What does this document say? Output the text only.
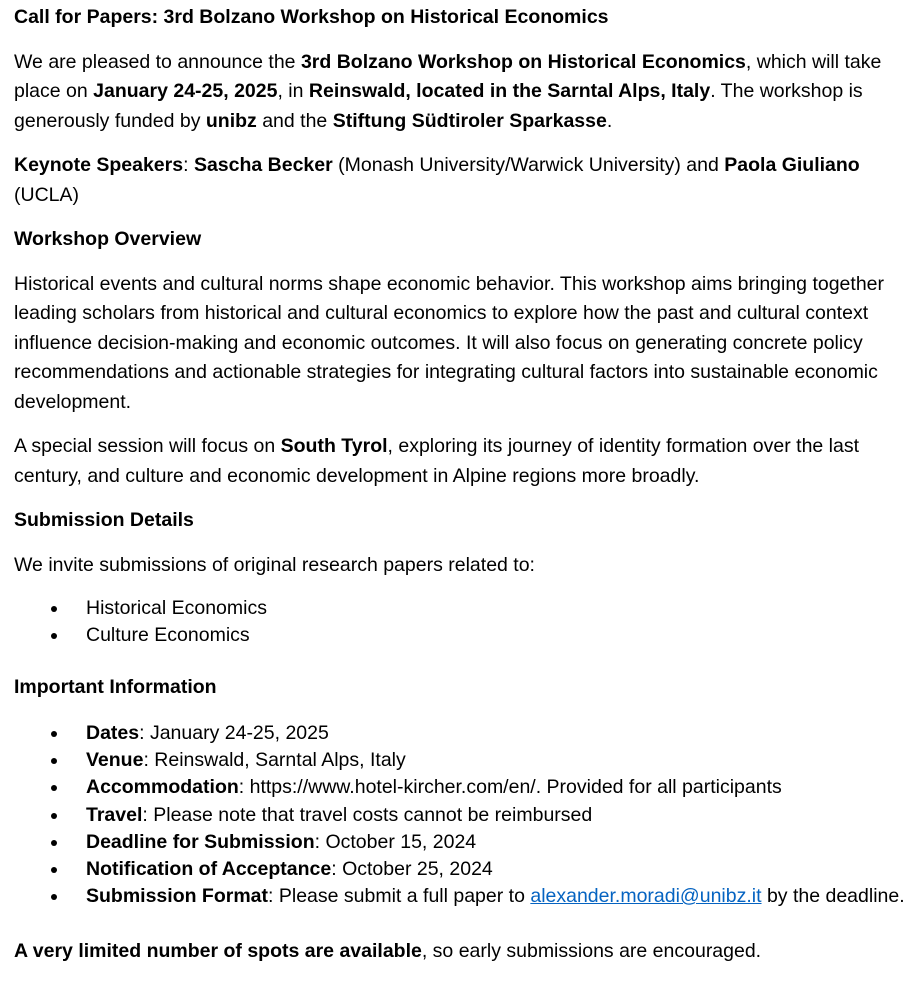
Call for Papers: 3rd Bolzano Workshop on Historical Economics

We are pleased to announce the 3rd Bolzano Workshop on Historical Economics, which will take place on January 24-25, 2025, in Reinswald, located in the Sarntal Alps, Italy. The workshop is generously funded by unibz and the Stiftung Südtiroler Sparkasse.

Keynote Speakers: Sascha Becker (Monash University/Warwick University) and Paola Giuliano (UCLA)

Workshop Overview

Historical events and cultural norms shape economic behavior. This workshop aims bringing together leading scholars from historical and cultural economics to explore how the past and cultural context influence decision-making and economic outcomes. It will also focus on generating concrete policy recommendations and actionable strategies for integrating cultural factors into sustainable economic development.

A special session will focus on South Tyrol, exploring its journey of identity formation over the last century, and culture and economic development in Alpine regions more broadly.

Submission Details

We invite submissions of original research papers related to:

Historical Economics
Culture Economics

Important Information

Dates: January 24-25, 2025
Venue: Reinswald, Sarntal Alps, Italy
Accommodation: https://www.hotel-kircher.com/en/. Provided for all participants
Travel: Please note that travel costs cannot be reimbursed
Deadline for Submission: October 15, 2024
Notification of Acceptance: October 25, 2024
Submission Format: Please submit a full paper to alexander.moradi@unibz.it by the deadline.

A very limited number of spots are available, so early submissions are encouraged.
